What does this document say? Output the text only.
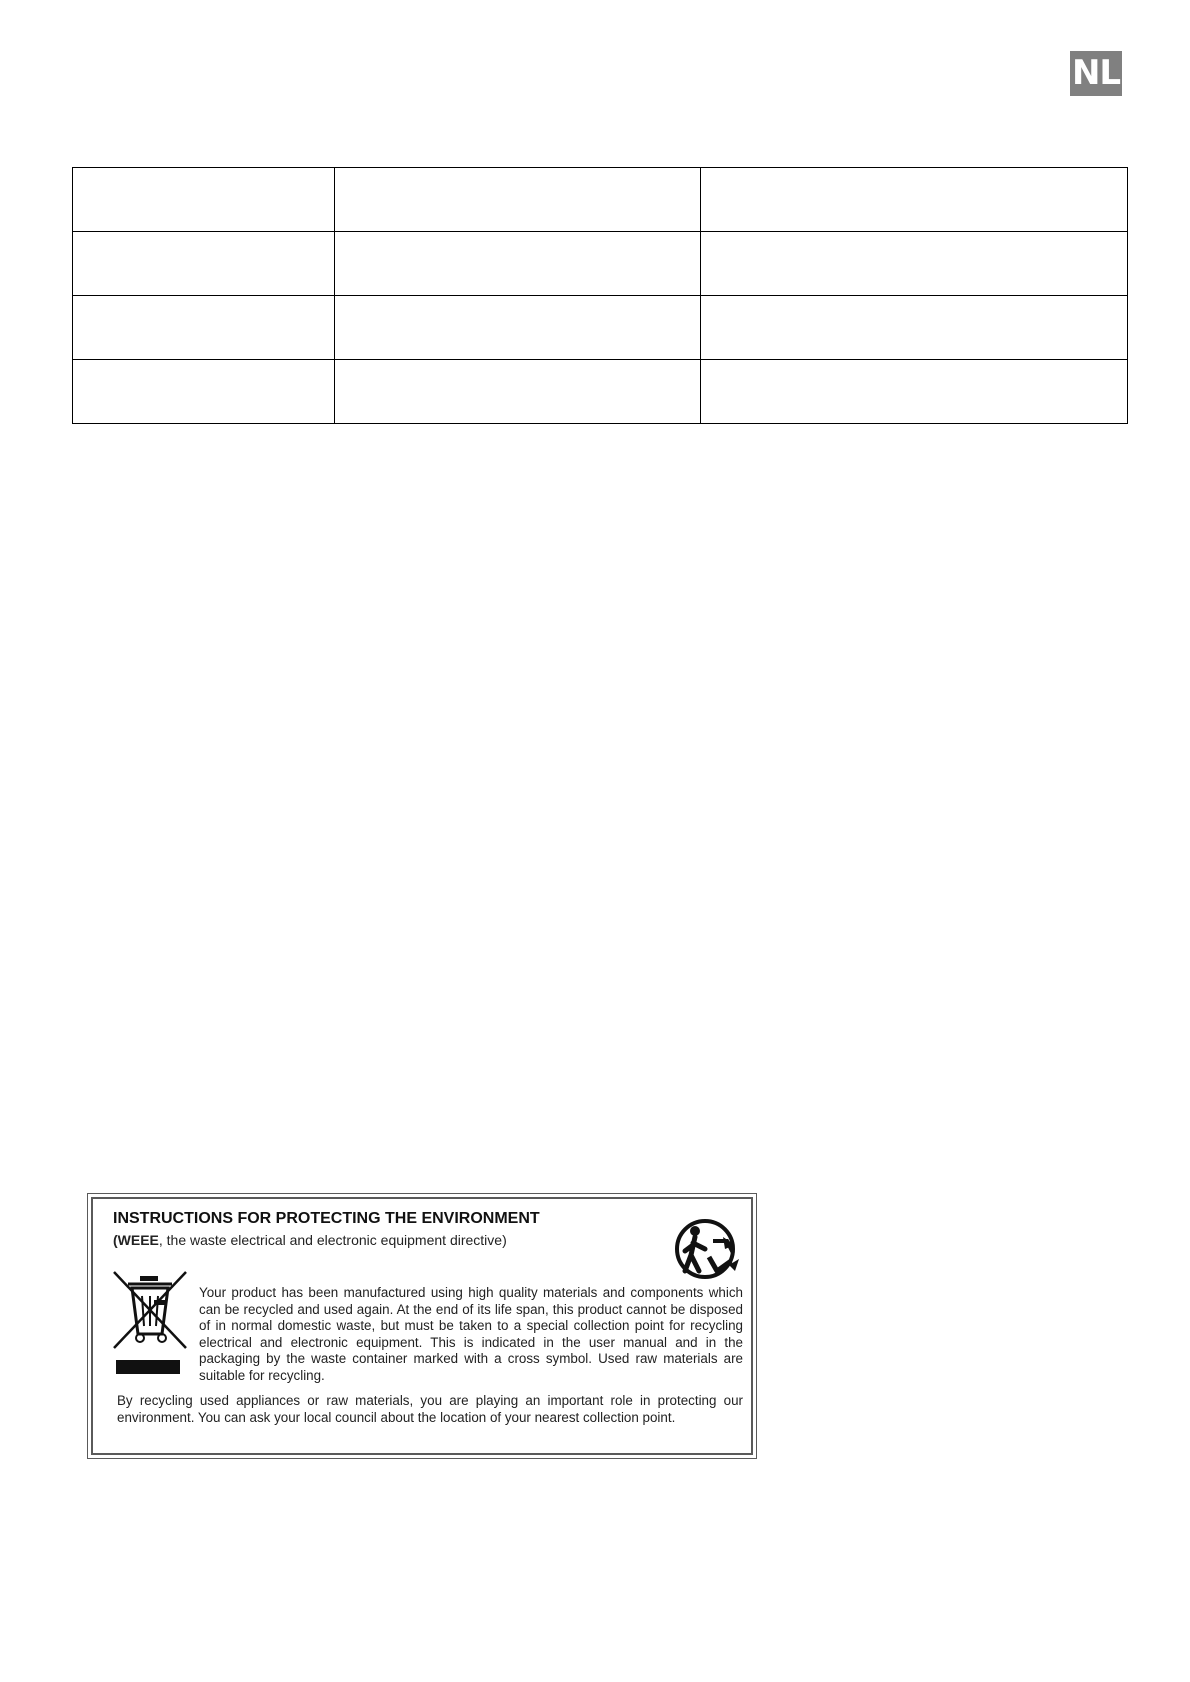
NL

INSTRUCTIONS FOR PROTECTING THE ENVIRONMENT
(WEEE, the waste electrical and electronic equipment directive)
Your product has been manufactured using high quality materials and components which can be recycled and used again. At the end of its life span, this product cannot be disposed of in normal domestic waste, but must be taken to a special collection point for recycling electrical and electronic equipment. This is indicated in the user manual and in the packaging by the waste container marked with a cross symbol. Used raw materials are suitable for recycling.
By recycling used appliances or raw materials, you are playing an important role in protecting our environment. You can ask your local council about the location of your nearest collection point.
